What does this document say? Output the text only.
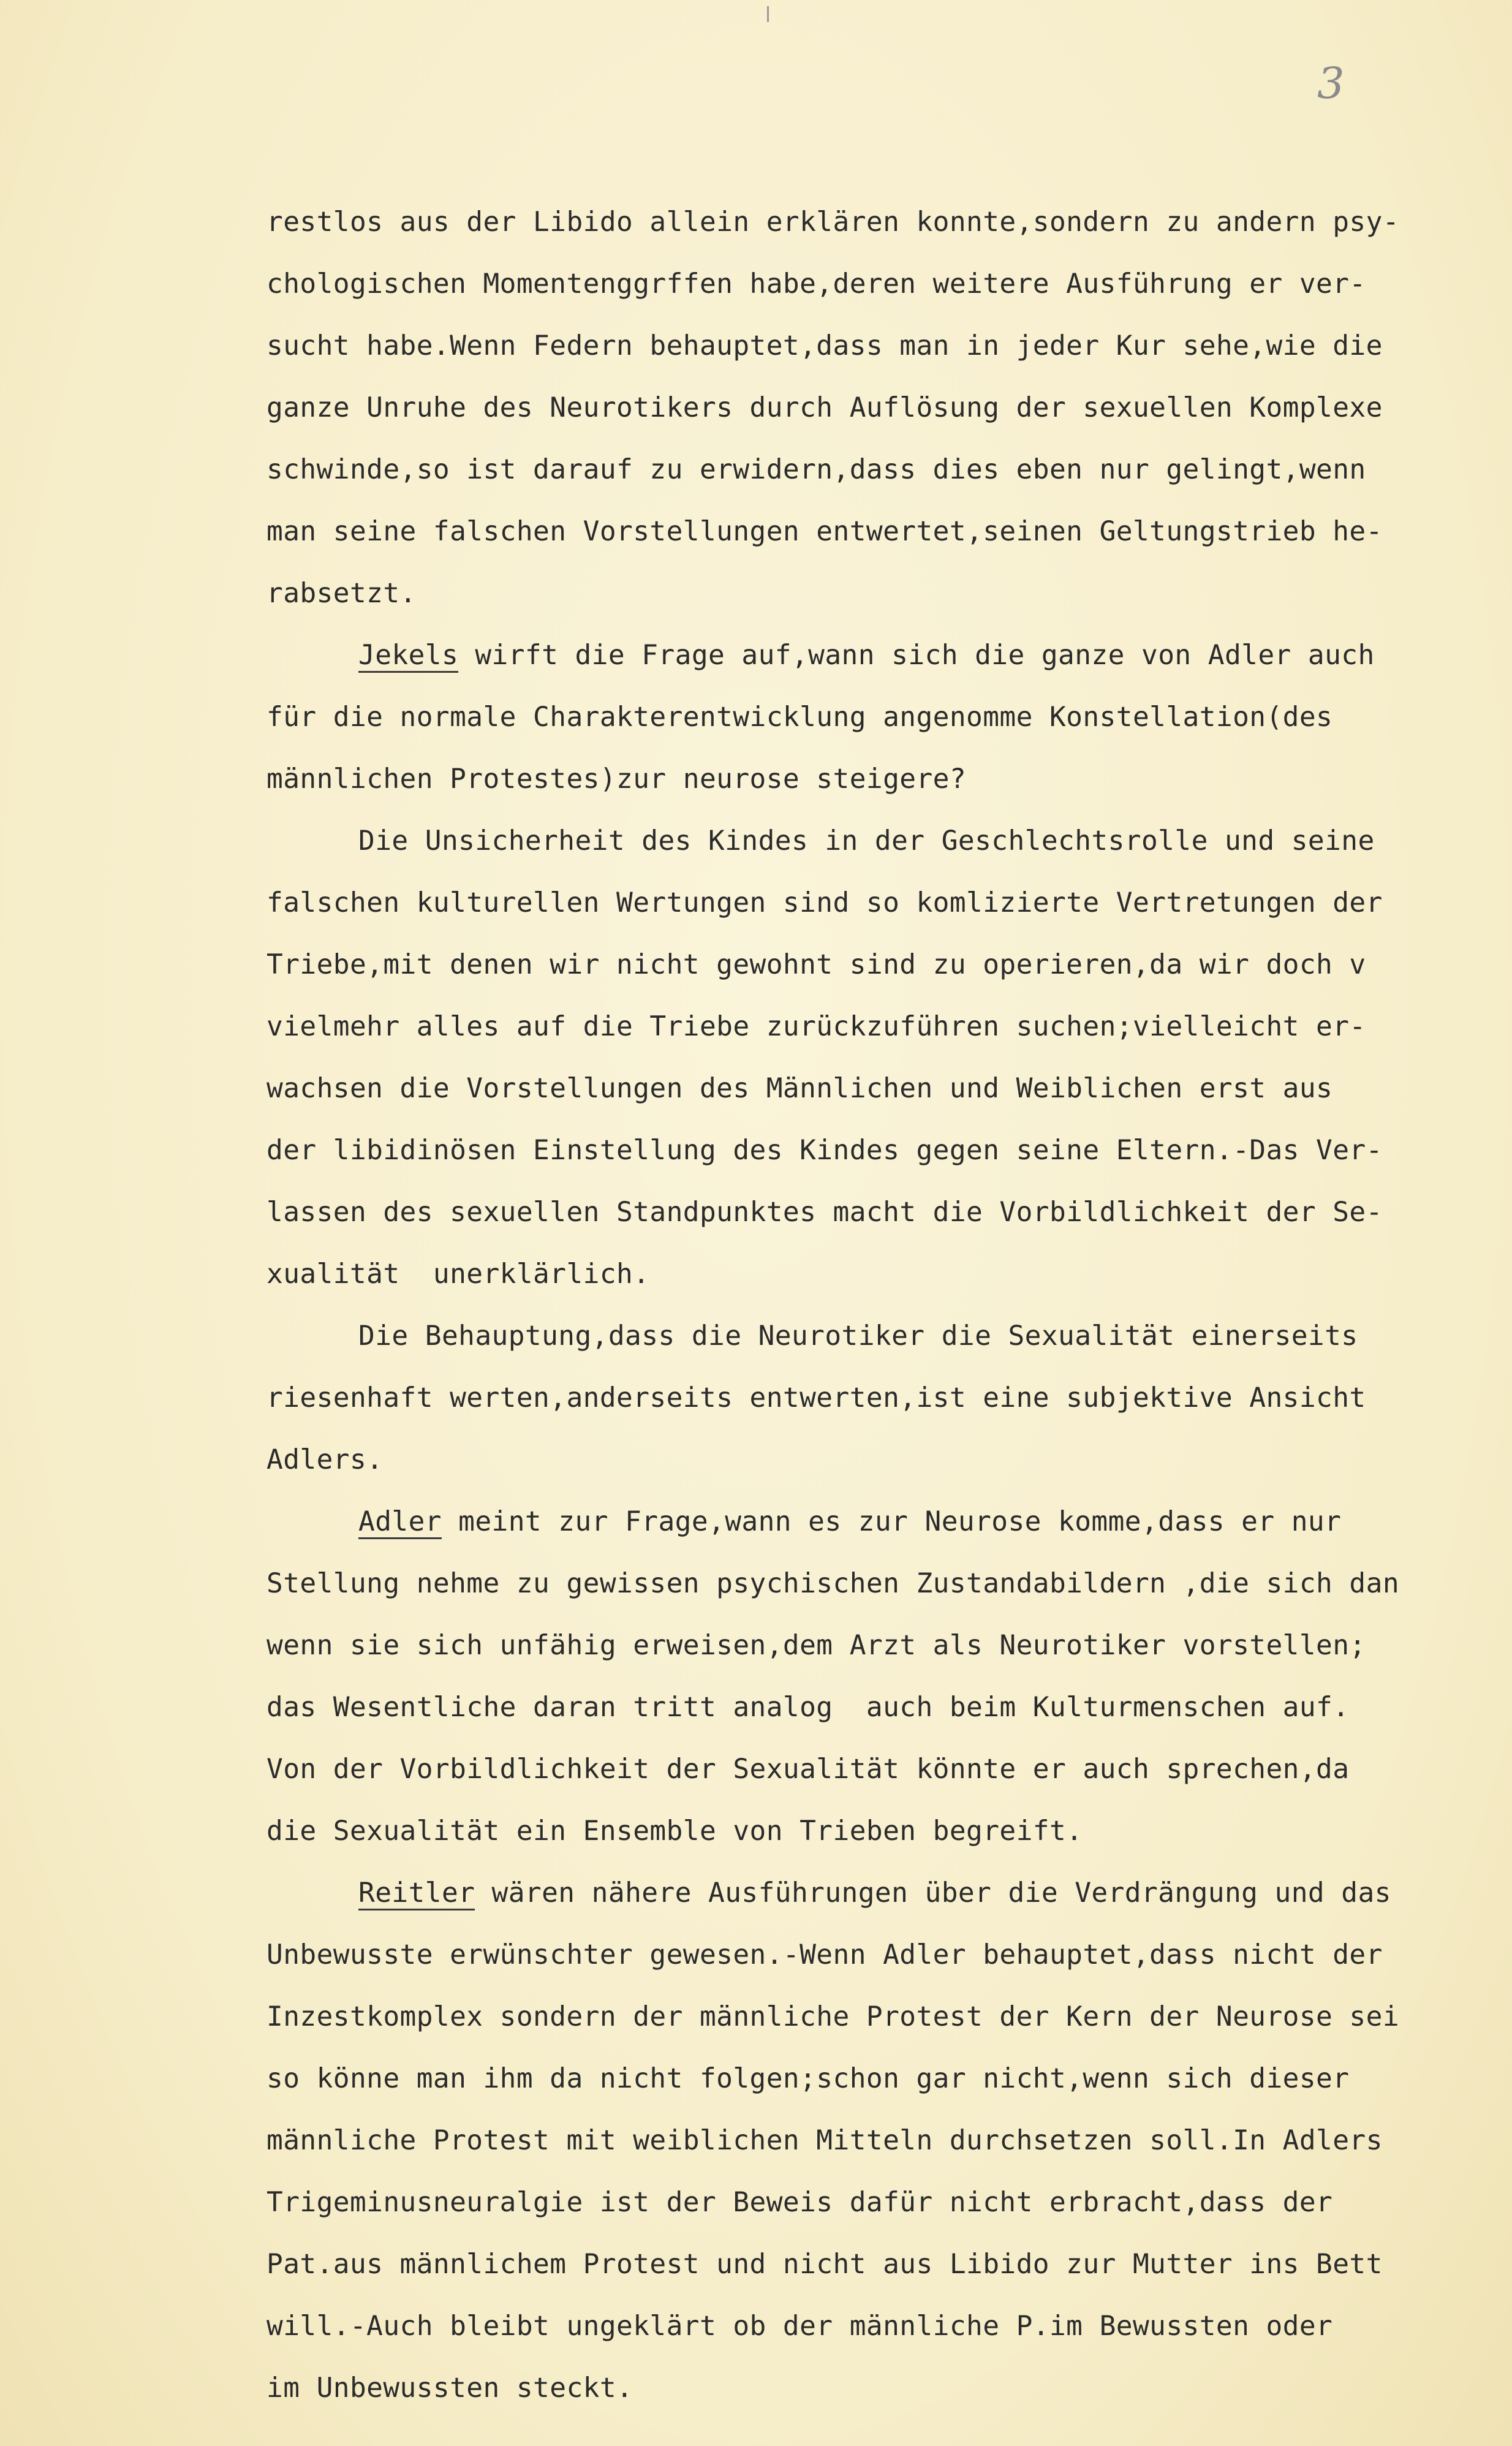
3
restlos aus der Libido allein erklären konnte,sondern zu andern psy-
chologischen Momentenggrffen habe,deren weitere Ausführung er ver-
sucht habe.Wenn Federn behauptet,dass man in jeder Kur sehe,wie die
ganze Unruhe des Neurotikers durch Auflösung der sexuellen Komplexe
schwinde,so ist darauf zu erwidern,dass dies eben nur gelingt,wenn
man seine falschen Vorstellungen entwertet,seinen Geltungstrieb he-
rabsetzt.
Jekels wirft die Frage auf,wann sich die ganze von Adler auch
für die normale Charakterentwicklung angenomme Konstellation(des
männlichen Protestes)zur neurose steigere?
Die Unsicherheit des Kindes in der Geschlechtsrolle und seine
falschen kulturellen Wertungen sind so komlizierte Vertretungen der
Triebe,mit denen wir nicht gewohnt sind zu operieren,da wir doch v
vielmehr alles auf die Triebe zurückzuführen suchen;vielleicht er-
wachsen die Vorstellungen des Männlichen und Weiblichen erst aus
der libidinösen Einstellung des Kindes gegen seine Eltern.-Das Ver-
lassen des sexuellen Standpunktes macht die Vorbildlichkeit der Se-
xualität  unerklärlich.
Die Behauptung,dass die Neurotiker die Sexualität einerseits
riesenhaft werten,anderseits entwerten,ist eine subjektive Ansicht
Adlers.
Adler meint zur Frage,wann es zur Neurose komme,dass er nur
Stellung nehme zu gewissen psychischen Zustandabildern ,die sich dan
wenn sie sich unfähig erweisen,dem Arzt als Neurotiker vorstellen;
das Wesentliche daran tritt analog  auch beim Kulturmenschen auf.
Von der Vorbildlichkeit der Sexualität könnte er auch sprechen,da
die Sexualität ein Ensemble von Trieben begreift.
Reitler wären nähere Ausführungen über die Verdrängung und das
Unbewusste erwünschter gewesen.-Wenn Adler behauptet,dass nicht der
Inzestkomplex sondern der männliche Protest der Kern der Neurose sei
so könne man ihm da nicht folgen;schon gar nicht,wenn sich dieser
männliche Protest mit weiblichen Mitteln durchsetzen soll.In Adlers
Trigeminusneuralgie ist der Beweis dafür nicht erbracht,dass der
Pat.aus männlichem Protest und nicht aus Libido zur Mutter ins Bett
will.-Auch bleibt ungeklärt ob der männliche P.im Bewussten oder
im Unbewussten steckt.
